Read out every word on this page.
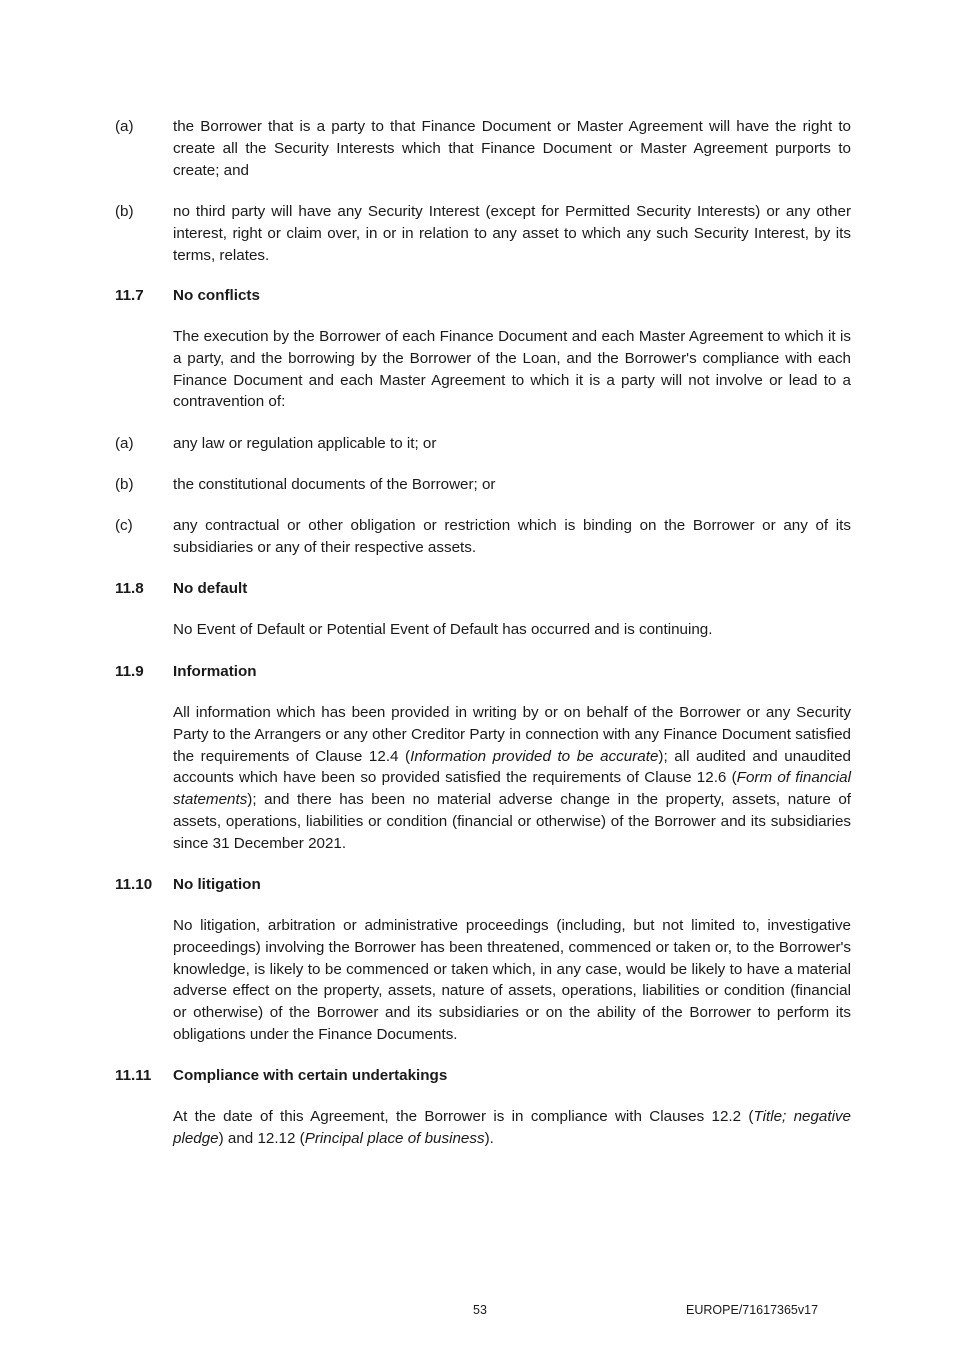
(a)	the Borrower that is a party to that Finance Document or Master Agreement will have the right to create all the Security Interests which that Finance Document or Master Agreement purports to create; and
(b)	no third party will have any Security Interest (except for Permitted Security Interests) or any other interest, right or claim over, in or in relation to any asset to which any such Security Interest, by its terms, relates.
11.7	No conflicts
The execution by the Borrower of each Finance Document and each Master Agreement to which it is a party, and the borrowing by the Borrower of the Loan, and the Borrower's compliance with each Finance Document and each Master Agreement to which it is a party will not involve or lead to a contravention of:
(a)	any law or regulation applicable to it; or
(b)	the constitutional documents of the Borrower; or
(c)	any contractual or other obligation or restriction which is binding on the Borrower or any of its subsidiaries or any of their respective assets.
11.8	No default
No Event of Default or Potential Event of Default has occurred and is continuing.
11.9	Information
All information which has been provided in writing by or on behalf of the Borrower or any Security Party to the Arrangers or any other Creditor Party in connection with any Finance Document satisfied the requirements of Clause 12.4 (Information provided to be accurate); all audited and unaudited accounts which have been so provided satisfied the requirements of Clause 12.6 (Form of financial statements); and there has been no material adverse change in the property, assets, nature of assets, operations, liabilities or condition (financial or otherwise) of the Borrower and its subsidiaries since 31 December 2021.
11.10	No litigation
No litigation, arbitration or administrative proceedings (including, but not limited to, investigative proceedings) involving the Borrower has been threatened, commenced or taken or, to the Borrower's knowledge, is likely to be commenced or taken which, in any case, would be likely to have a material adverse effect on the property, assets, nature of assets, operations, liabilities or condition (financial or otherwise) of the Borrower and its subsidiaries or on the ability of the Borrower to perform its obligations under the Finance Documents.
11.11	Compliance with certain undertakings
At the date of this Agreement, the Borrower is in compliance with Clauses 12.2 (Title; negative pledge) and 12.12 (Principal place of business).
53	EUROPE/71617365v17
